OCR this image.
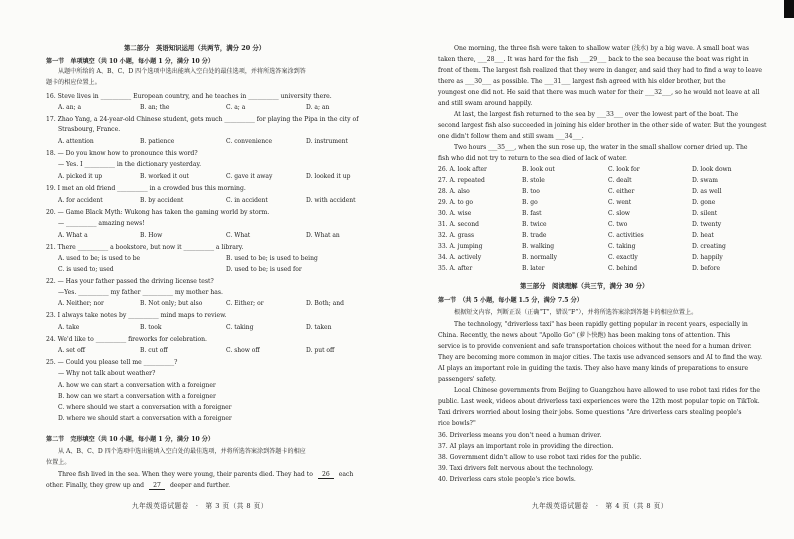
第二部分　英语知识运用（共两节，满分 20 分）
第一节　单项填空（共 10 小题，每小题 1 分，满分 10 分）
从题中所给的 A、B、C、D 四个选项中选出能填入空白处的最佳选项，并将所选答案涂到答
题卡的相应位置上。
16. Steve lives in __________ European country, and he teaches in __________ university there.
A. an; a	B. an; the	C. a; a	D. a; an
17. Zhao Yang, a 24-year-old Chinese student, gets much __________ for playing the Pipa in the city of
Strasbourg, France.
A. attention	B. patience	C. convenience	D. instrument
18. — Do you know how to pronounce this word?
— Yes. I __________ in the dictionary yesterday.
A. picked it up	B. worked it out	C. gave it away	D. looked it up
19. I met an old friend __________ in a crowded bus this morning.
A. for accident	B. by accident	C. in accident	D. with accident
20. — Game Black Myth: Wukong has taken the gaming world by storm.
— __________ amazing news!
A. What a	B. How	C. What	D. What an
21. There __________ a bookstore, but now it __________ a library.
A. used to be; is used to be	B. used to be; is used to being
C. is used to; used	D. used to be; is used for
22. — Has your father passed the driving license test?
—Yes. __________ my father __________ my mother has.
A. Neither; nor	B. Not only; but also	C. Either; or	D. Both; and
23. I always take notes by __________ mind maps to review.
A. take	B. took	C. taking	D. taken
24. We'd like to __________ fireworks for celebration.
A. set off	B. cut off	C. show off	D. put off
25. — Could you please tell me __________?
— Why not talk about weather?
A. how we can start a conversation with a foreigner
B. how can we start a conversation with a foreigner
C. where should we start a conversation with a foreigner
D. where we should start a conversation with a foreigner
第二节　完形填空（共 10 小题，每小题 1 分，满分 10 分）
从 A、B、C、D 四个选项中选出能填入空白处的最佳选项，并将所选答案涂到答题卡的相应
位置上。
Three fish lived in the sea. When they were young, their parents died. They had to 26 each
other. Finally, they grew up and 27 deeper and further.
九年级英语试题卷　·　第 3 页（共 8 页）
One morning, the three fish were taken to shallow water (浅水) by a big wave. A small boat was
taken there, ___28___. It was hard for the fish ___29___ back to the sea because the boat was right in
front of them. The largest fish realized that they were in danger, and said they had to find a way to leave
there as ___30___ as possible. The ___31___ largest fish agreed with his elder brother, but the
youngest one did not. He said that there was much water for their ___32___, so he would not leave at all
and still swam around happily.
At last, the largest fish returned to the sea by ___33___ over the lowest part of the boat. The
second largest fish also succeeded in joining his elder brother in the other side of water. But the youngest
one didn't follow them and still swam ___34___.
Two hours ___35___, when the sun rose up, the water in the small shallow corner dried up. The
fish who did not try to return to the sea died of lack of water.
26. A. look after	B. look out	C. look for	D. look down
27. A. repeated	B. stole	C. dealt	D. swam
28. A. also	B. too	C. either	D. as well
29. A. to go	B. go	C. went	D. gone
30. A. wise	B. fast	C. slow	D. silent
31. A. second	B. twice	C. two	D. twenty
32. A. grass	B. trade	C. activities	D. heat
33. A. jumping	B. walking	C. taking	D. creating
34. A. actively	B. normally	C. exactly	D. happily
35. A. after	B. later	C. behind	D. before
第三部分　阅读理解（共三节，满分 30 分）
第一节　（共 5 小题，每小题 1.5 分，满分 7.5 分）
根据短文内容，判断正误（正确“T”，错误“F”），并将所选答案涂到答题卡的相应位置上。
The technology, "driverless taxi" has been rapidly getting popular in recent years, especially in
China. Recently, the news about "Apollo Go" (萝卜快跑) has been making tons of attention. This
service is to provide convenient and safe transportation choices without the need for a human driver.
They are becoming more common in major cities. The taxis use advanced sensors and AI to find the way.
AI plays an important role in guiding the taxis. They also have many kinds of preparations to ensure
passengers' safety.
Local Chinese governments from Beijing to Guangzhou have allowed to use robot taxi rides for the
public. Last week, videos about driverless taxi experiences were the 12th most popular topic on TikTok.
Taxi drivers worried about losing their jobs. Some questions "Are driverless cars stealing people's
rice bowls?"
36. Driverless means you don't need a human driver.
37. AI plays an important role in providing the direction.
38. Government didn't allow to use robot taxi rides for the public.
39. Taxi drivers felt nervous about the technology.
40. Driverless cars stole people's rice bowls.
九年级英语试题卷　·　第 4 页（共 8 页）
